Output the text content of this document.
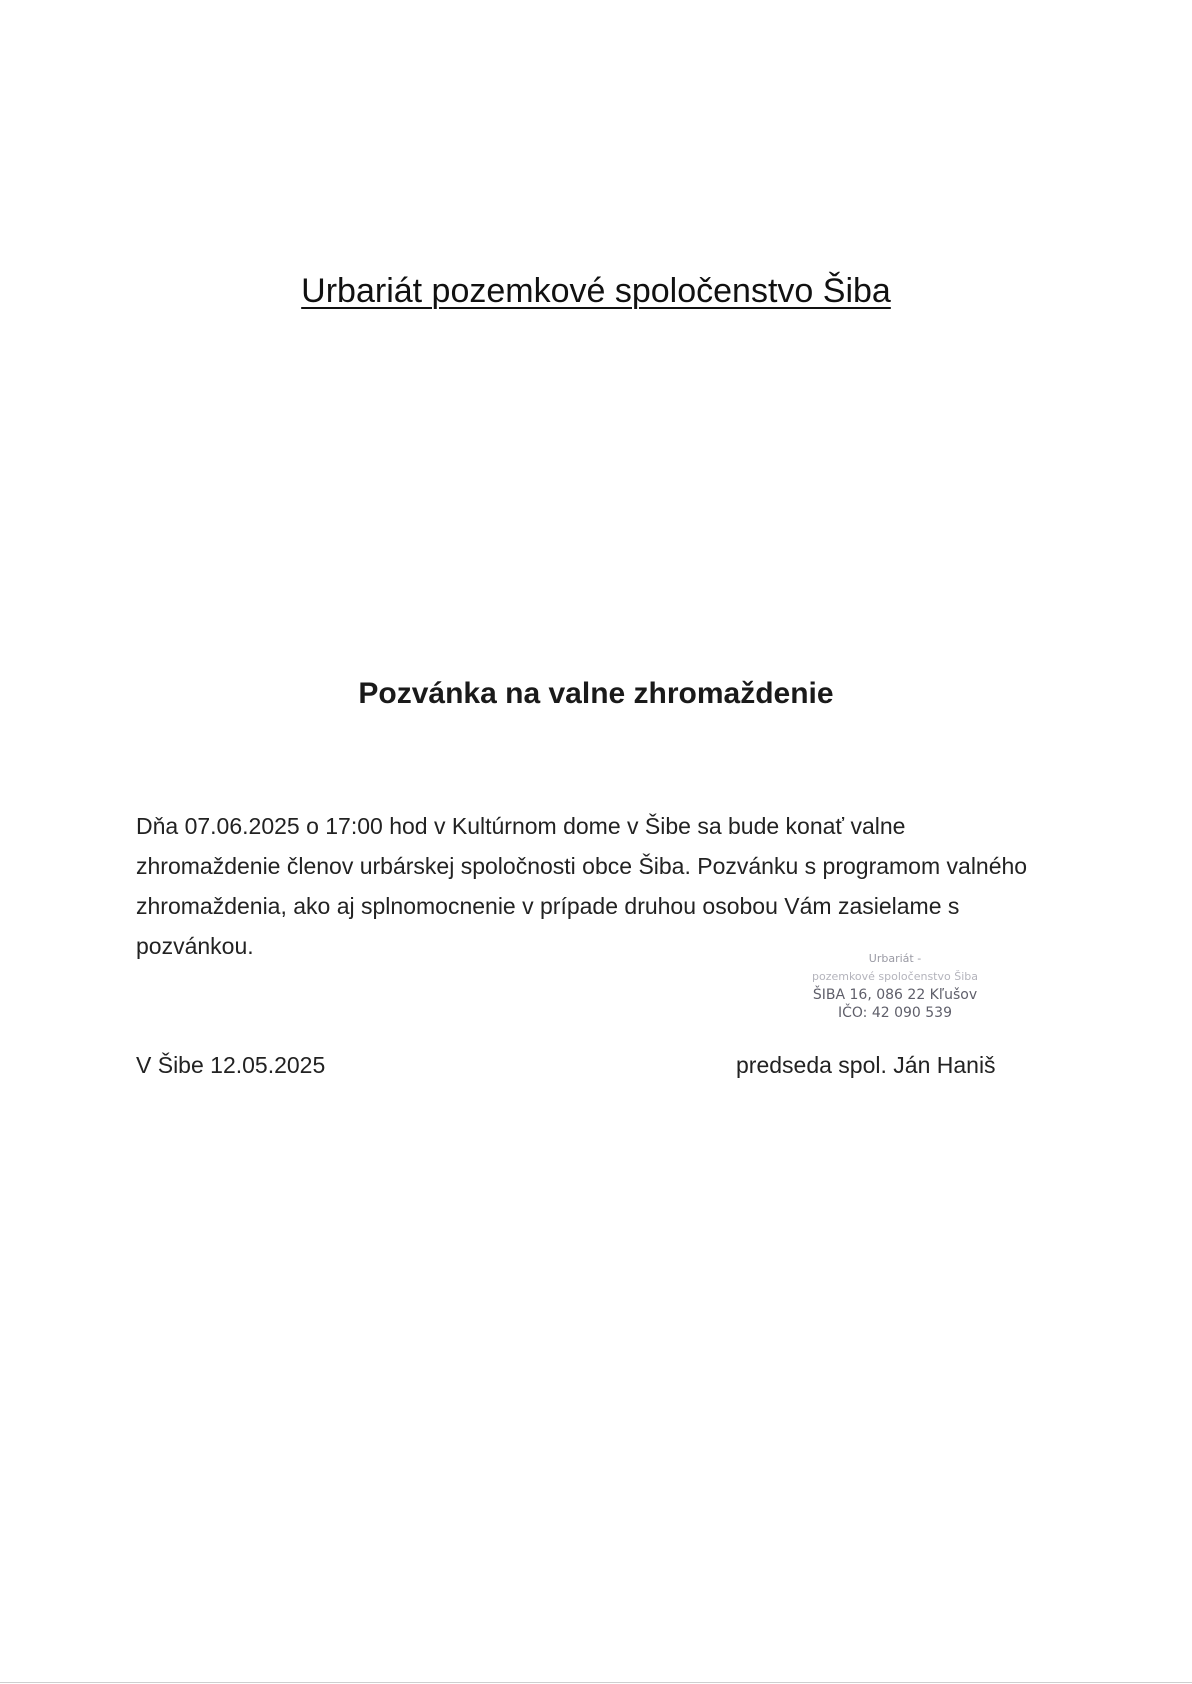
Urbariát pozemkové spoločenstvo Šiba
Pozvánka na valne zhromaždenie

Dňa 07.06.2025 o 17:00 hod v Kultúrnom dome v Šibe sa bude konať valne zhromaždenie členov urbárskej spoločnosti obce Šiba. Pozvánku s programom valného zhromaždenia, ako aj splnomocnenie v prípade druhou osobou Vám zasielame s pozvánkou.	Urbariát -
pozemkové spoločenstvo Šiba
ŠIBA 16, 086 22 Kľušov
IČO: 42 090 539

V Šibe 12.05.2025	predseda spol. Ján Haniš
